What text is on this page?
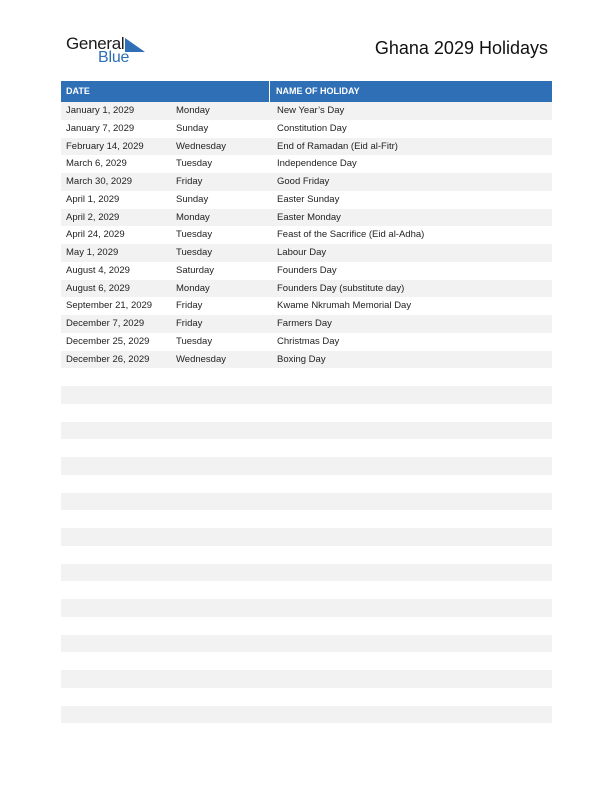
General
Blue	Ghana 2029 Holidays
DATE	NAME OF HOLIDAY
January 1, 2029	Monday	New Year’s Day
January 7, 2029	Sunday	Constitution Day
February 14, 2029	Wednesday	End of Ramadan (Eid al-Fitr)
March 6, 2029	Tuesday	Independence Day
March 30, 2029	Friday	Good Friday
April 1, 2029	Sunday	Easter Sunday
April 2, 2029	Monday	Easter Monday
April 24, 2029	Tuesday	Feast of the Sacrifice (Eid al-Adha)
May 1, 2029	Tuesday	Labour Day
August 4, 2029	Saturday	Founders Day
August 6, 2029	Monday	Founders Day (substitute day)
September 21, 2029	Friday	Kwame Nkrumah Memorial Day
December 7, 2029	Friday	Farmers Day
December 25, 2029	Tuesday	Christmas Day
December 26, 2029	Wednesday	Boxing Day
